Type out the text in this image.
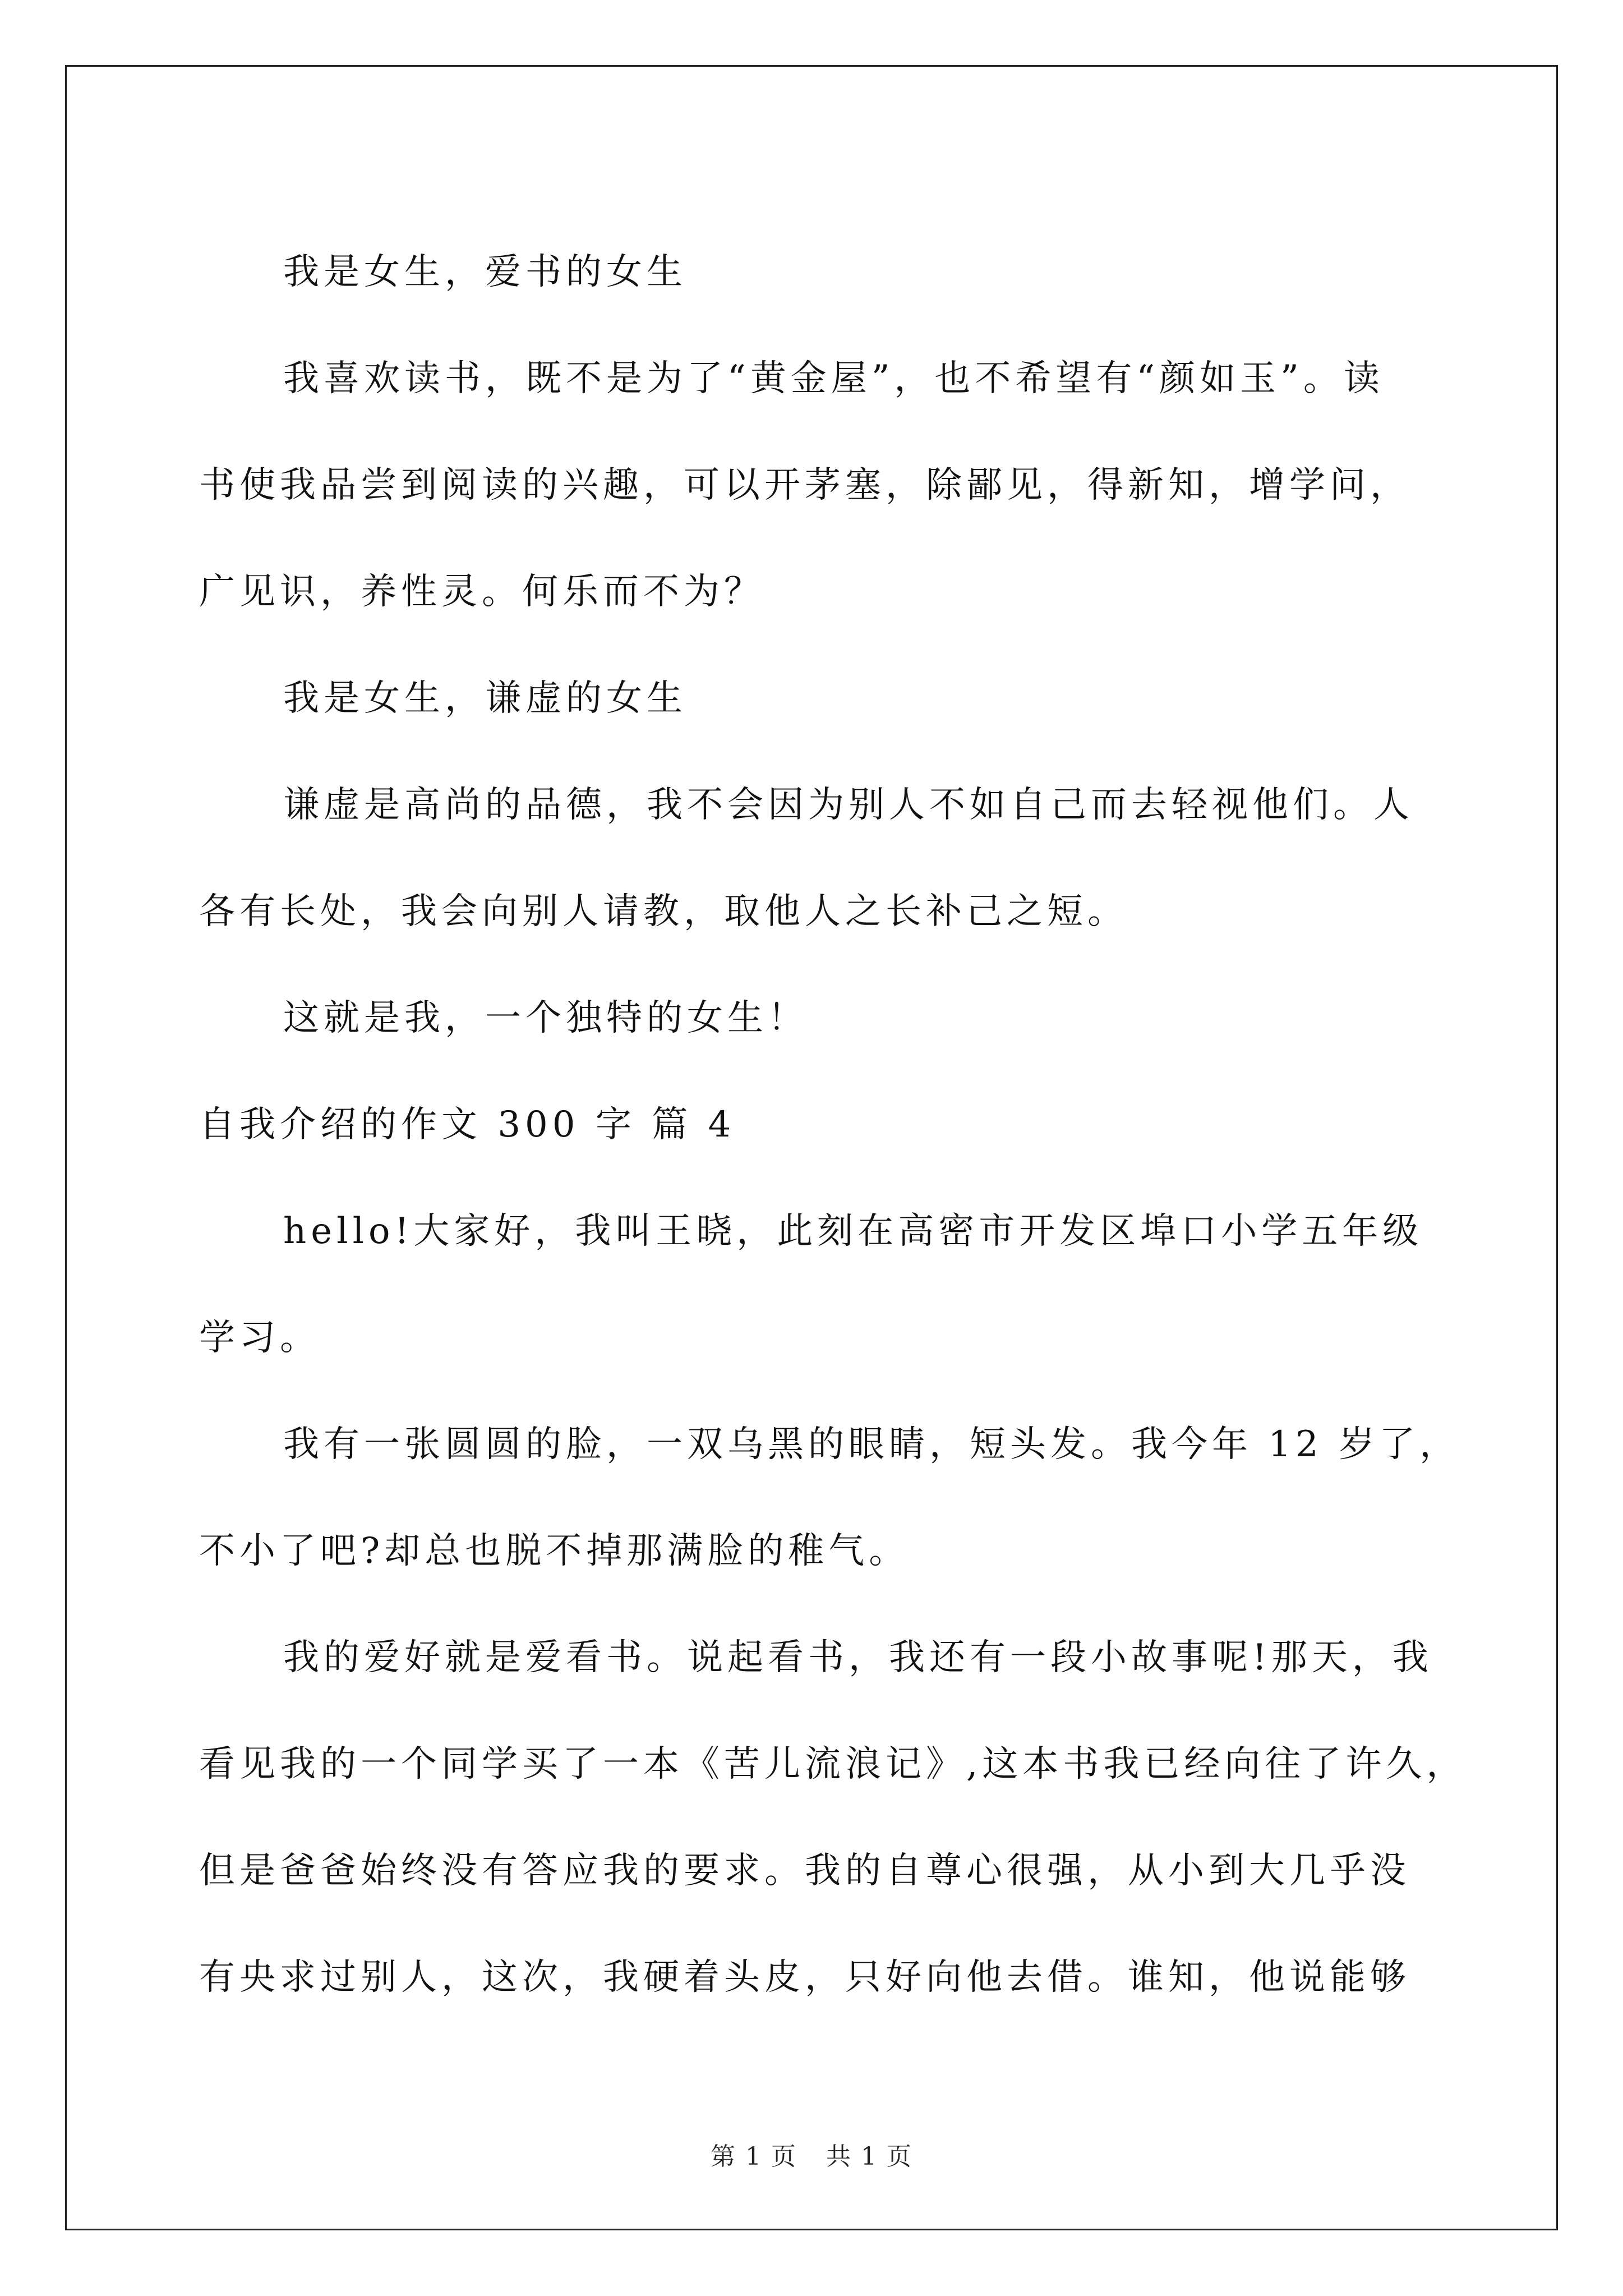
我是女生，爱书的女生
我喜欢读书，既不是为了“黄金屋”，也不希望有“颜如玉”。读
书使我品尝到阅读的兴趣，可以开茅塞，除鄙见，得新知，增学问，
广见识，养性灵。何乐而不为？
我是女生，谦虚的女生
谦虚是高尚的品德，我不会因为别人不如自己而去轻视他们。人
各有长处，我会向别人请教，取他人之长补己之短。
这就是我，一个独特的女生！
自我介绍的作文 300 字 篇 4
hello!大家好，我叫王晓，此刻在高密市开发区埠口小学五年级
学习。
我有一张圆圆的脸，一双乌黑的眼睛，短头发。我今年 12 岁了，
不小了吧?却总也脱不掉那满脸的稚气。
我的爱好就是爱看书。说起看书，我还有一段小故事呢!那天，我
看见我的一个同学买了一本《苦儿流浪记》,这本书我已经向往了许久，
但是爸爸始终没有答应我的要求。我的自尊心很强，从小到大几乎没
有央求过别人，这次，我硬着头皮，只好向他去借。谁知，他说能够
第 1 页 共 1 页
